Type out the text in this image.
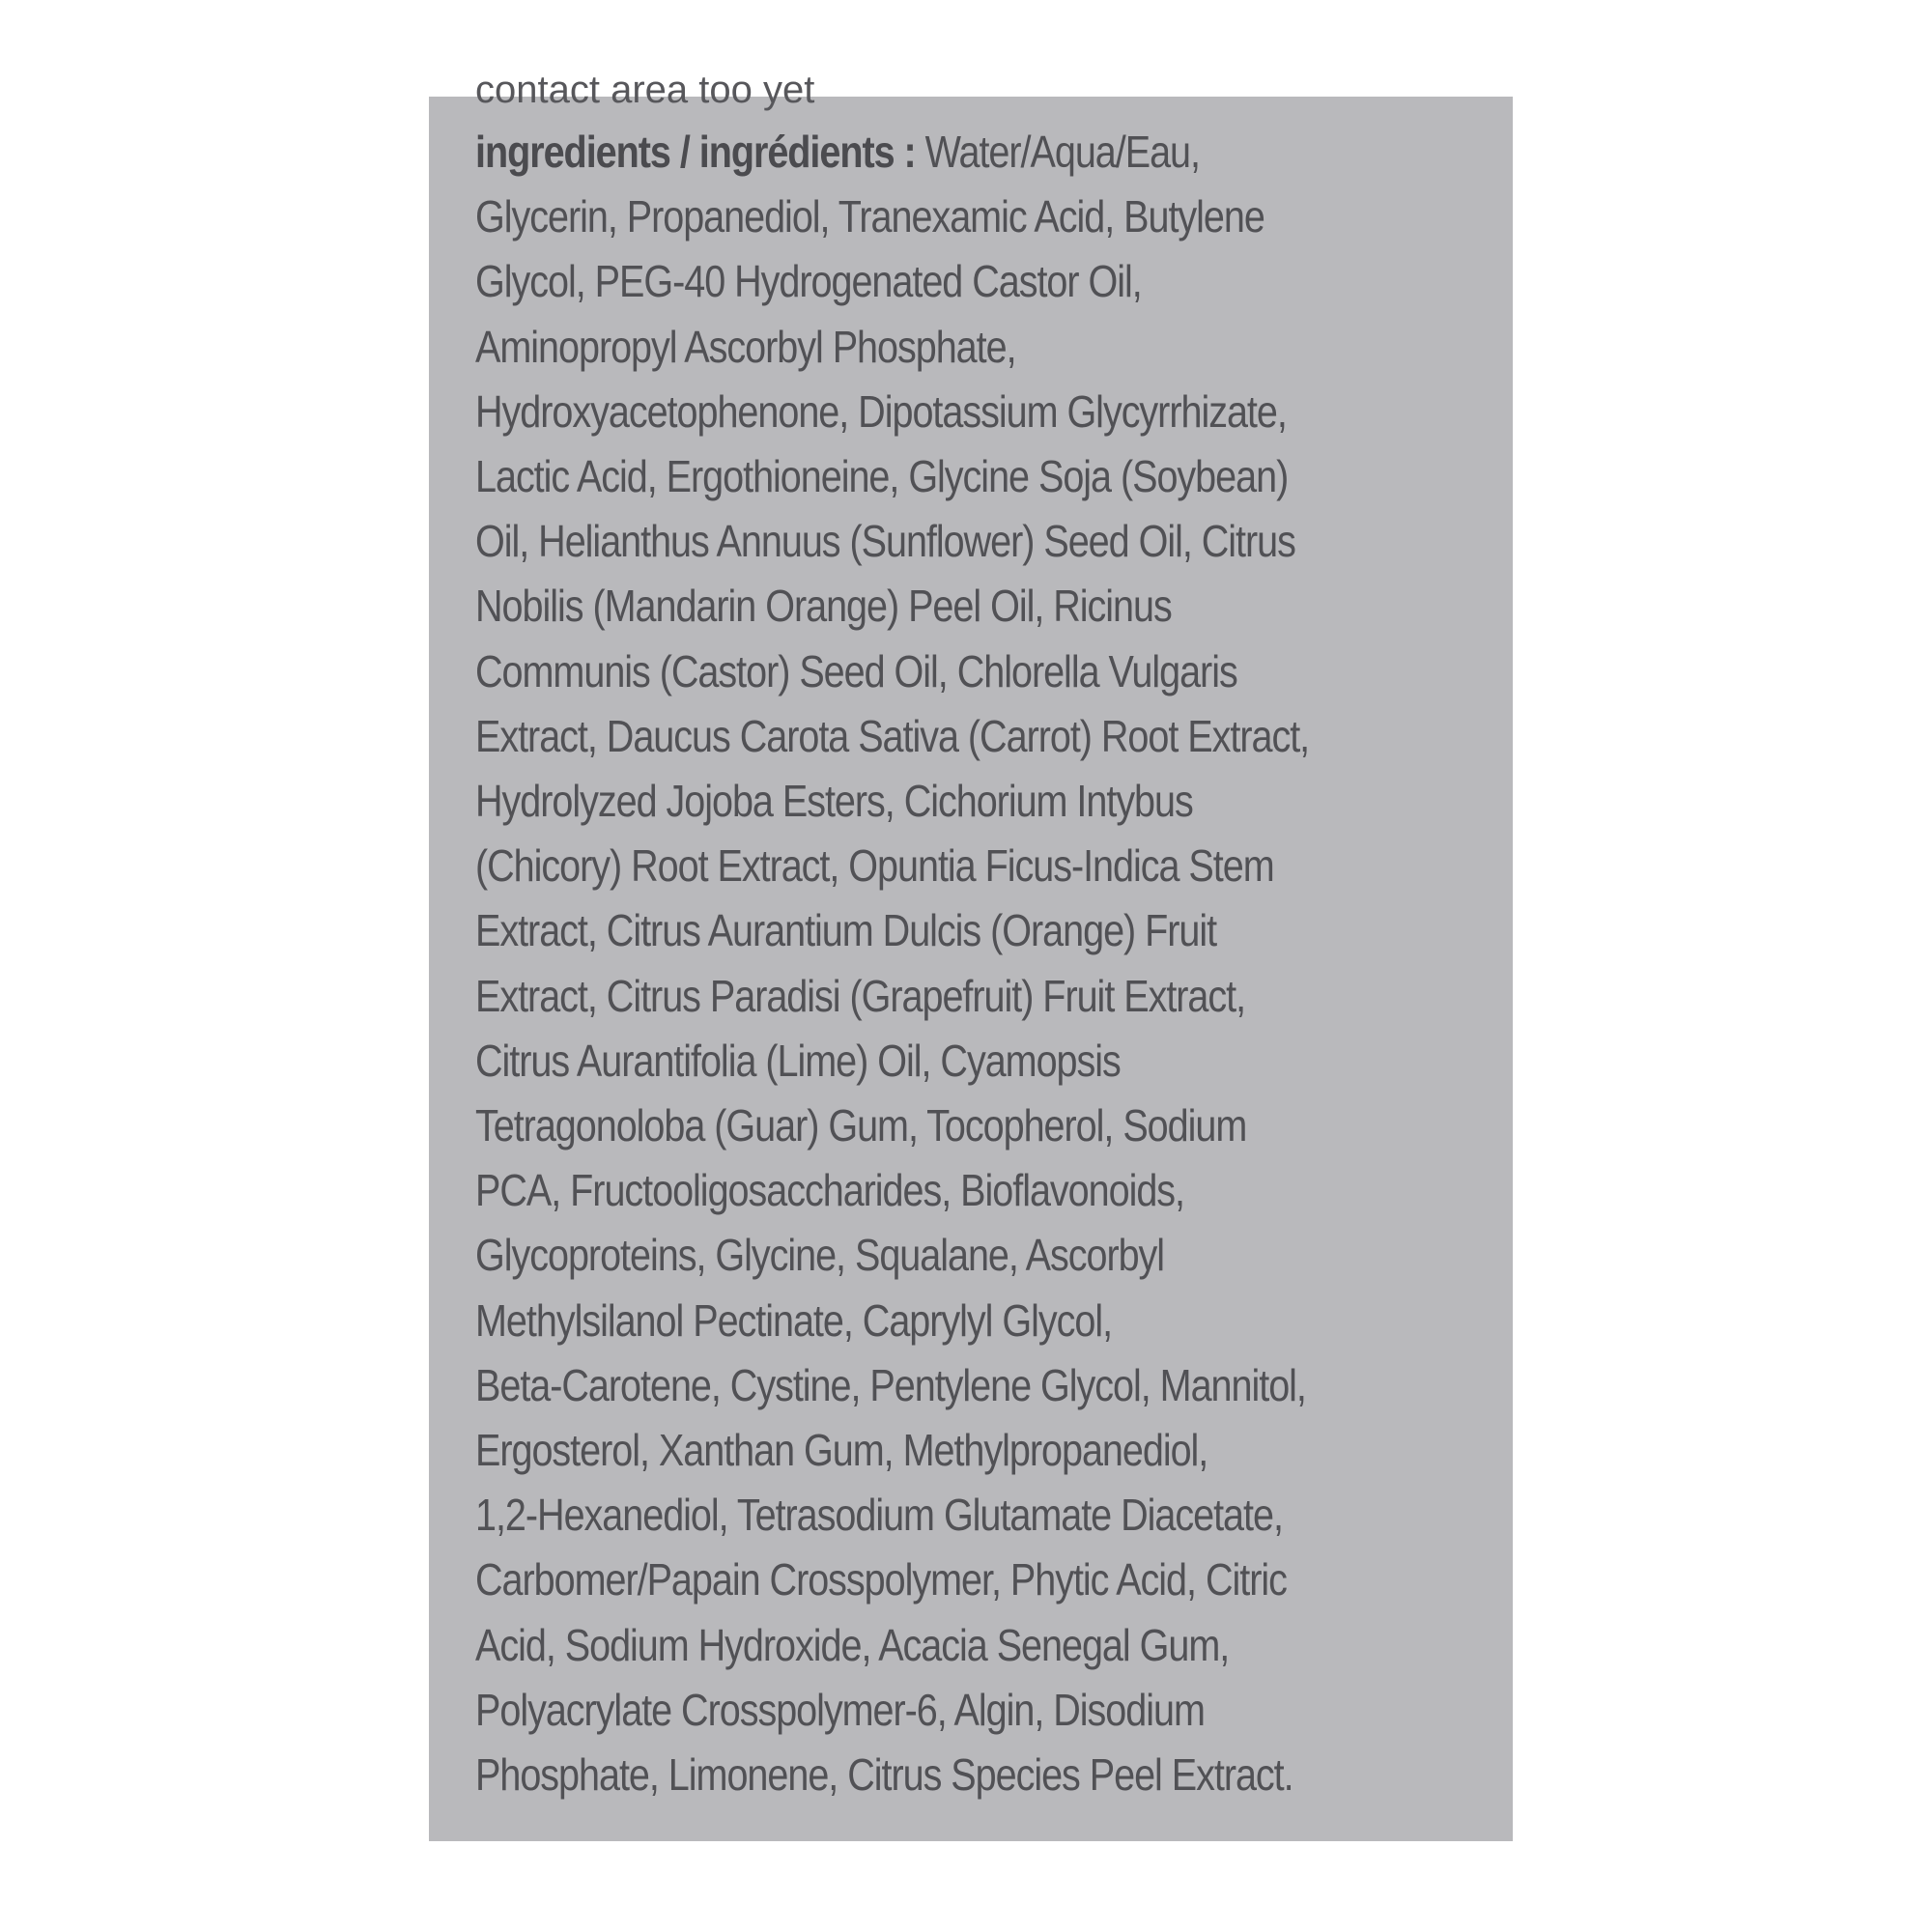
contact area too yet

ingredients / ingrédients : Water/Aqua/Eau,
Glycerin, Propanediol, Tranexamic Acid, Butylene
Glycol, PEG-40 Hydrogenated Castor Oil,
Aminopropyl Ascorbyl Phosphate,
Hydroxyacetophenone, Dipotassium Glycyrrhizate,
Lactic Acid, Ergothioneine, Glycine Soja (Soybean)
Oil, Helianthus Annuus (Sunflower) Seed Oil, Citrus
Nobilis (Mandarin Orange) Peel Oil, Ricinus
Communis (Castor) Seed Oil, Chlorella Vulgaris
Extract, Daucus Carota Sativa (Carrot) Root Extract,
Hydrolyzed Jojoba Esters, Cichorium Intybus
(Chicory) Root Extract, Opuntia Ficus-Indica Stem
Extract, Citrus Aurantium Dulcis (Orange) Fruit
Extract, Citrus Paradisi (Grapefruit) Fruit Extract,
Citrus Aurantifolia (Lime) Oil, Cyamopsis
Tetragonoloba (Guar) Gum, Tocopherol, Sodium
PCA, Fructooligosaccharides, Bioflavonoids,
Glycoproteins, Glycine, Squalane, Ascorbyl
Methylsilanol Pectinate, Caprylyl Glycol,
Beta-Carotene, Cystine, Pentylene Glycol, Mannitol,
Ergosterol, Xanthan Gum, Methylpropanediol,
1,2-Hexanediol, Tetrasodium Glutamate Diacetate,
Carbomer/Papain Crosspolymer, Phytic Acid, Citric
Acid, Sodium Hydroxide, Acacia Senegal Gum,
Polyacrylate Crosspolymer-6, Algin, Disodium
Phosphate, Limonene, Citrus Species Peel Extract.
